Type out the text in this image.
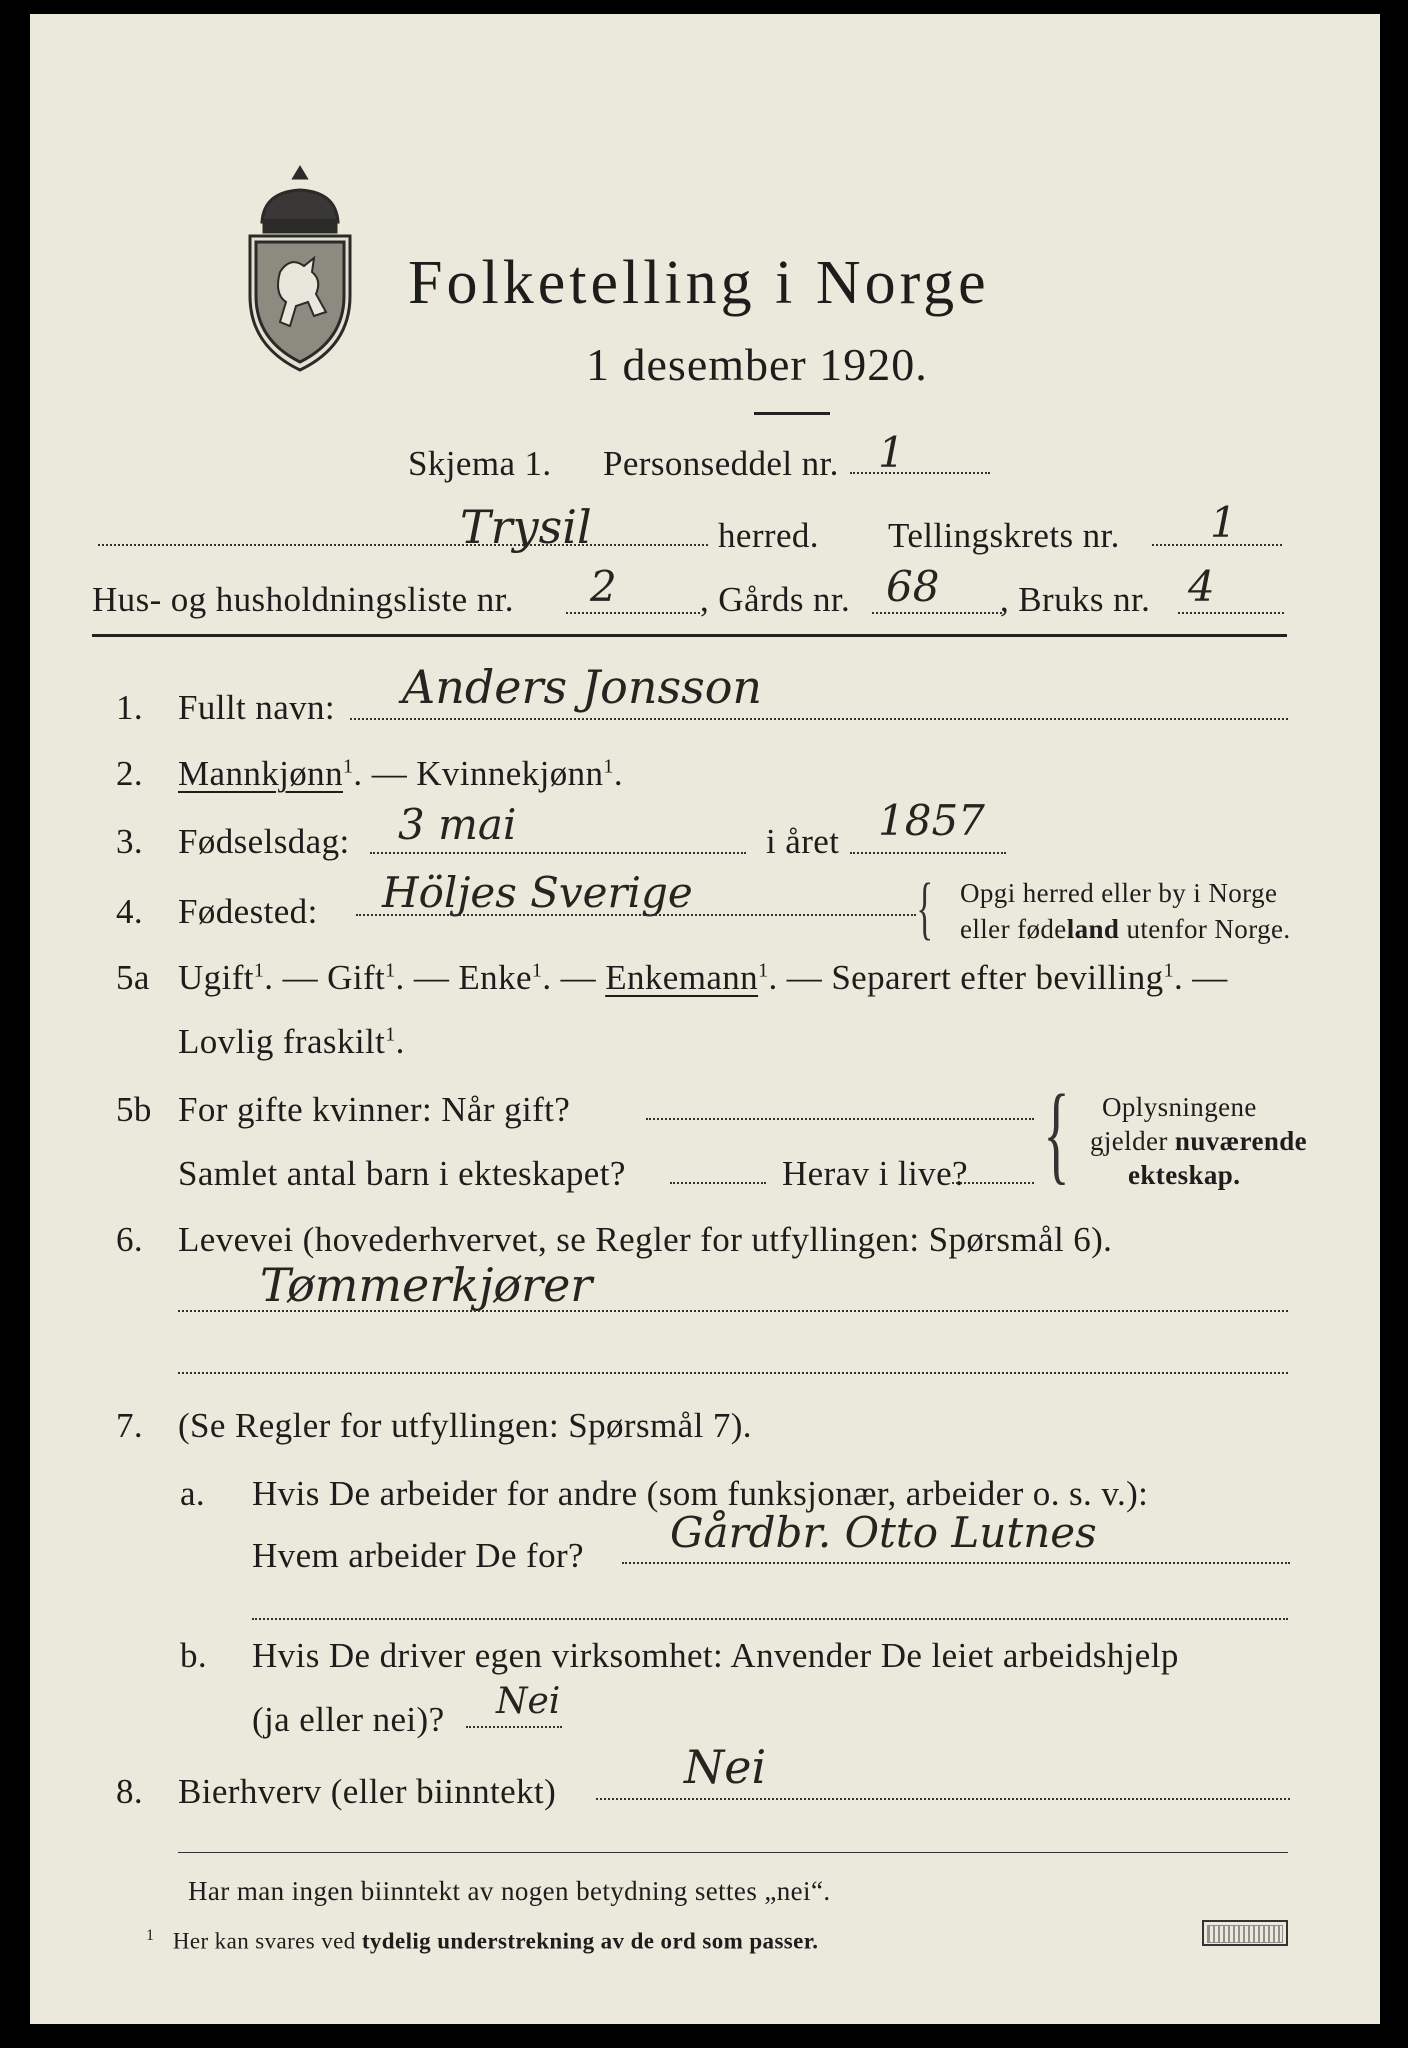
Folketelling i Norge
1 desember 1920.
Skjema 1. Personseddel nr. 1
Trysil	herred. Tellingskrets nr. 1
Hus- og husholdningsliste nr. 2 , Gårds nr. 68 , Bruks nr. 4
1. Fullt navn: Anders Jonsson
2. Mannkjønn$^1$. — Kvinnekjønn$^1$.
3. Fødselsdag: 3 mai	i året 1857
4. Fødested: Höljes Sverige	{ Opgi herred eller by i Norge
eller fødeland utenfor Norge.
5a Ugift$^1$. — Gift$^1$. — Enke$^1$. — Enkemann$^1$. — Separert efter bevilling$^1$. —
Lovlig fraskilt$^1$.
5b For gifte kvinner: Når gift?
Samlet antal barn i ekteskapet?	Herav i live? { Oplysningene
gjelder nuværende
ekteskap.
6. Levevei (hovederhvervet, se Regler for utfyllingen: Spørsmål 6).
Tømmerkjører
7. (Se Regler for utfyllingen: Spørsmål 7).
a. Hvis De arbeider for andre (som funksjonær, arbeider o. s. v.):
Hvem arbeider De for? Gårdbr. Otto Lutnes
b. Hvis De driver egen virksomhet: Anvender De leiet arbeidshjelp
(ja eller nei)? Nei
8. Bierhverv (eller biinntekt)	Nei
Har man ingen biinntekt av nogen betydning settes „nei“.
$^1$ Her kan svares ved tydelig understrekning av de ord som passer.
